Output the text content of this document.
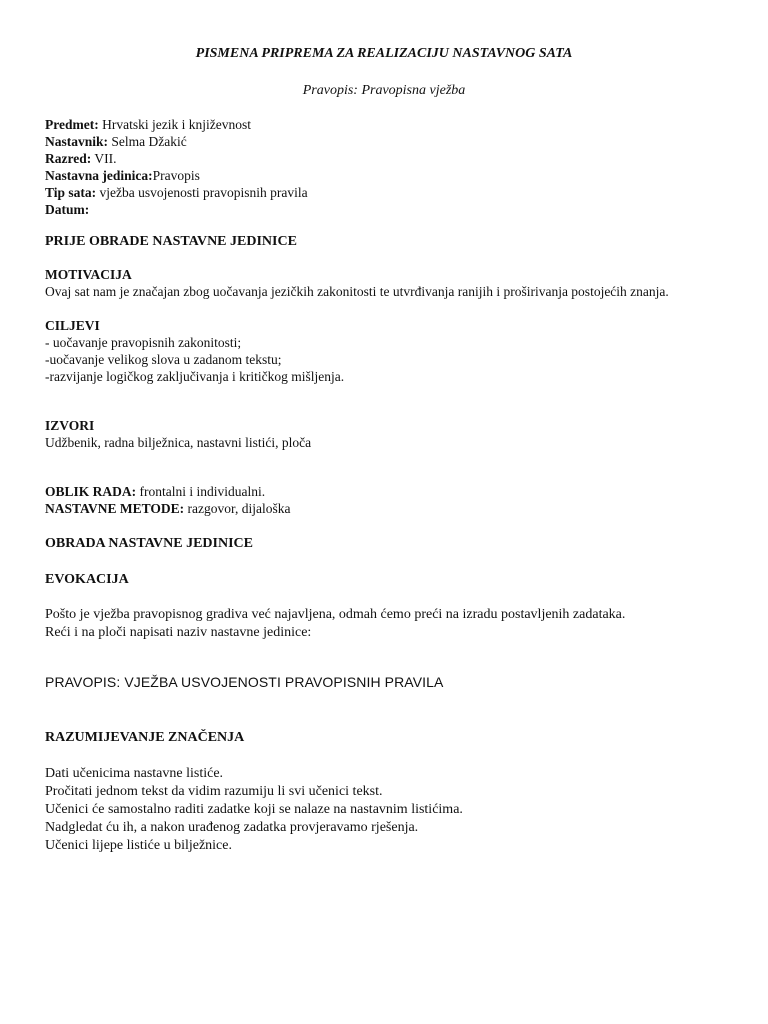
PISMENA PRIPREMA ZA REALIZACIJU NASTAVNOG SATA
Pravopis: Pravopisna vježba
Predmet: Hrvatski jezik i književnost
Nastavnik: Selma Džakić
Razred: VII.
Nastavna jedinica:Pravopis
Tip sata: vježba usvojenosti pravopisnih pravila
Datum:
PRIJE OBRADE NASTAVNE JEDINICE
MOTIVACIJA
Ovaj sat nam je značajan zbog uočavanja jezičkih zakonitosti te utvrđivanja ranijih i proširivanja postojećih znanja.
CILJEVI
- uočavanje pravopisnih zakonitosti;
-uočavanje velikog slova u zadanom tekstu;
-razvijanje logičkog zaključivanja i kritičkog mišljenja.
IZVORI
Udžbenik, radna bilježnica, nastavni listići, ploča
OBLIK RADA: frontalni i individualni.
NASTAVNE METODE: razgovor, dijaloška
OBRADA NASTAVNE JEDINICE
EVOKACIJA
Pošto je vježba pravopisnog gradiva već najavljena, odmah ćemo preći na izradu postavljenih zadataka.
Reći i na ploči napisati naziv nastavne jedinice:
PRAVOPIS: VJEŽBA USVOJENOSTI PRAVOPISNIH PRAVILA
RAZUMIJEVANJE ZNAČENJA
Dati učenicima nastavne listiće.
Pročitati jednom tekst da vidim razumiju li svi učenici tekst.
Učenici će samostalno raditi zadatke koji se nalaze na nastavnim listićima.
Nadgledat ću ih, a nakon urađenog zadatka provjeravamo rješenja.
Učenici lijepe listiće u bilježnice.
